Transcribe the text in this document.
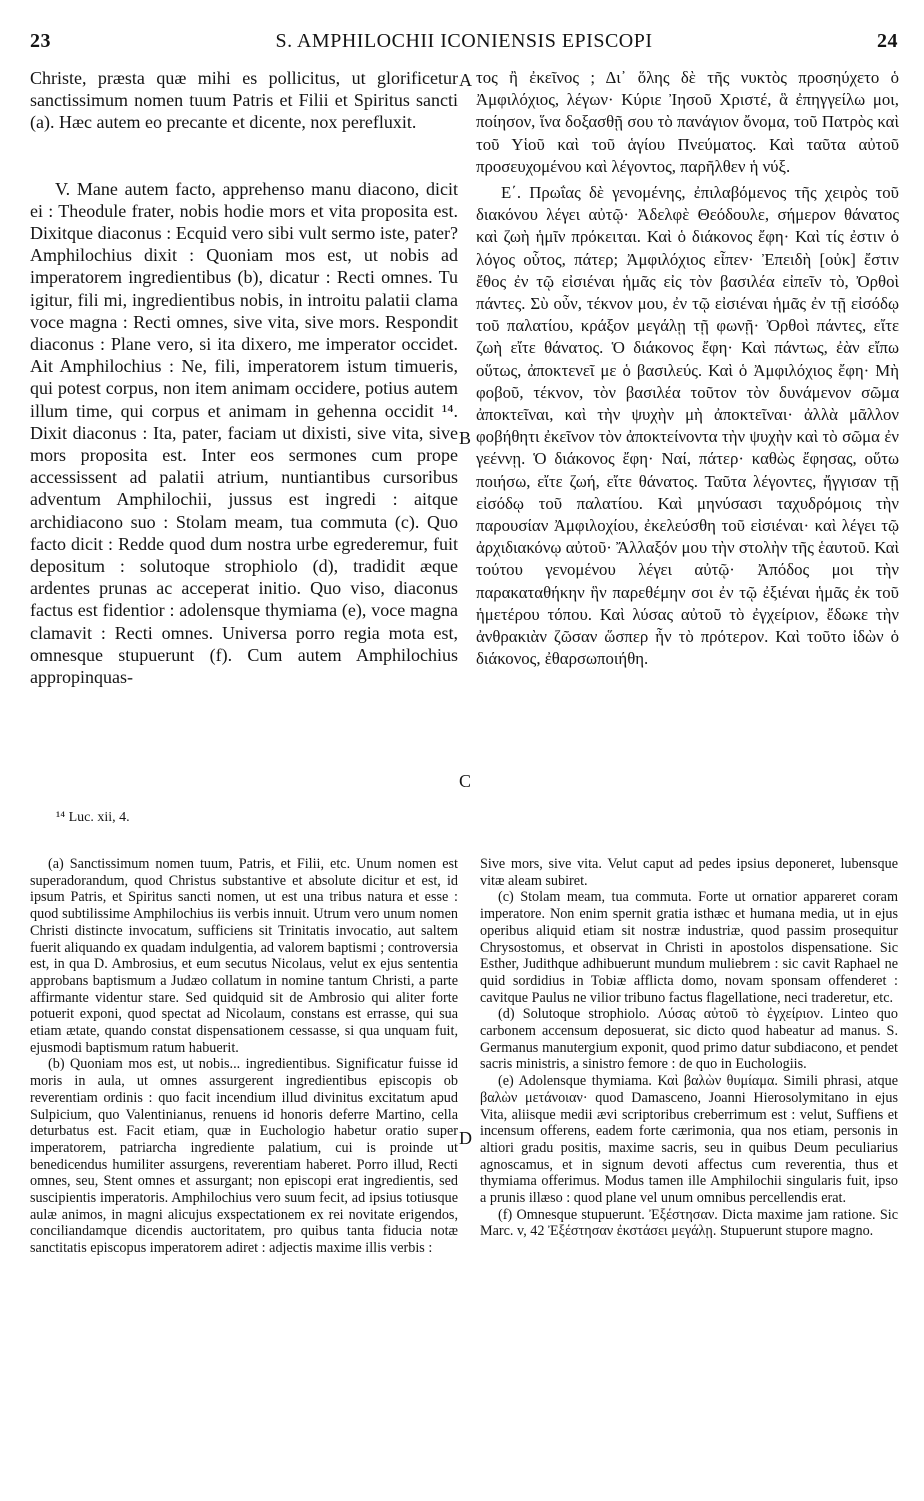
23	S. AMPHILOCHII ICONIENSIS EPISCOPI	24

Christe, præsta quæ mihi es pollicitus, ut glorificetur sanctissimum nomen tuum Patris et Filii et Spiritus sancti (a). Hæc autem eo precante et dicente, nox perefluxit.

V. Mane autem facto, apprehenso manu diacono, dicit ei : Theodule frater, nobis hodie mors et vita proposita est. Dixitque diaconus : Ecquid vero sibi vult sermo iste, pater? Amphilochius dixit : Quoniam mos est, ut nobis ad imperatorem ingredientibus (b), dicatur : Recti omnes. Tu igitur, fili mi, ingredientibus nobis, in introitu palatii clama voce magna : Recti omnes, sive vita, sive mors. Respondit diaconus : Plane vero, si ita dixero, me imperator occidet. Ait Amphilochius : Ne, fili, imperatorem istum timueris, qui potest corpus, non item animam occidere, potius autem illum time, qui corpus et animam in gehenna occidit ¹⁴. Dixit diaconus : Ita, pater, faciam ut dixisti, sive vita, sive mors proposita est. Inter eos sermones cum prope accessissent ad palatii atrium, nuntiantibus cursoribus adventum Amphilochii, jussus est ingredi : aitque archidiacono suo : Stolam meam, tua commuta (c). Quo facto dicit : Redde quod dum nostra urbe egrederemur, fuit depositum : solutoque strophiolo (d), tradidit æque ardentes prunas ac acceperat initio. Quo viso, diaconus factus est fidentior : adolensque thymiama (e), voce magna clamavit : Recti omnes. Universa porro regia mota est, omnesque stupuerunt (f). Cum autem Amphilochius appropinquas-

A
B
C
D

τος ἢ ἐκεῖνος ; Δι᾽ ὅλης δὲ τῆς νυκτὸς προσηύχετο ὁ Ἀμφιλόχιος, λέγων· Κύριε Ἰησοῦ Χριστέ, ἃ ἐπηγγείλω μοι, ποίησον, ἵνα δοξασθῇ σου τὸ πανάγιον ὄνομα, τοῦ Πατρὸς καὶ τοῦ Υἱοῦ καὶ τοῦ ἁγίου Πνεύματος. Καὶ ταῦτα αὐτοῦ προσευχομένου καὶ λέγοντος, παρῆλθεν ἡ νύξ.

Ε΄. Πρωΐας δὲ γενομένης, ἐπιλαβόμενος τῆς χειρὸς τοῦ διακόνου λέγει αὐτῷ· Ἀδελφὲ Θεόδουλε, σήμερον θάνατος καὶ ζωὴ ἡμῖν πρόκειται. Καὶ ὁ διάκονος ἔφη· Καὶ τίς ἐστιν ὁ λόγος οὗτος, πάτερ; Ἀμφιλόχιος εἶπεν· Ἐπειδὴ [οὐκ] ἔστιν ἔθος ἐν τῷ εἰσιέναι ἡμᾶς εἰς τὸν βασιλέα εἰπεῖν τὸ, Ὀρθοὶ πάντες. Σὺ οὖν, τέκνον μου, ἐν τῷ εἰσιέναι ἡμᾶς ἐν τῇ εἰσόδῳ τοῦ παλατίου, κράξον μεγάλῃ τῇ φωνῇ· Ὀρθοὶ πάντες, εἴτε ζωὴ εἴτε θάνατος. Ὁ διάκονος ἔφη· Καὶ πάντως, ἐὰν εἴπω οὕτως, ἀποκτενεῖ με ὁ βασιλεύς. Καὶ ὁ Ἀμφιλόχιος ἔφη· Μὴ φοβοῦ, τέκνον, τὸν βασιλέα τοῦτον τὸν δυνάμενον σῶμα ἀποκτεῖναι, καὶ τὴν ψυχὴν μὴ ἀποκτεῖναι· ἀλλὰ μᾶλλον φοβήθητι ἐκεῖνον τὸν ἀποκτείνοντα τὴν ψυχὴν καὶ τὸ σῶμα ἐν γεέννῃ. Ὁ διάκονος ἔφη· Ναί, πάτερ· καθὼς ἔφησας, οὕτω ποιήσω, εἴτε ζωή, εἴτε θάνατος. Ταῦτα λέγοντες, ἤγγισαν τῇ εἰσόδῳ τοῦ παλατίου. Καὶ μηνύσασι ταχυδρόμοις τὴν παρουσίαν Ἀμφιλοχίου, ἐκελεύσθη τοῦ εἰσιέναι· καὶ λέγει τῷ ἀρχιδιακόνῳ αὐτοῦ· Ἄλλαξόν μου τὴν στολὴν τῆς ἑαυτοῦ. Καὶ τούτου γενομένου λέγει αὐτῷ· Ἀπόδος μοι τὴν παρακαταθήκην ἣν παρεθέμην σοι ἐν τῷ ἐξιέναι ἡμᾶς ἐκ τοῦ ἡμετέρου τόπου. Καὶ λύσας αὐτοῦ τὸ ἐγχείριον, ἔδωκε τὴν ἀνθρακιὰν ζῶσαν ὥσπερ ἦν τὸ πρότερον. Καὶ τοῦτο ἰδὼν ὁ διάκονος, ἐθαρσωποιήθη.

¹⁴ Luc. xii, 4.

(a) Sanctissimum nomen tuum, Patris, et Filii, etc. Unum nomen est superadorandum, quod Christus substantive et absolute dicitur et est, id ipsum Patris, et Spiritus sancti nomen, ut est una tribus natura et esse : quod subtilissime Amphilochius iis verbis innuit. Utrum vero unum nomen Christi distincte invocatum, sufficiens sit Trinitatis invocatio, aut saltem fuerit aliquando ex quadam indulgentia, ad valorem baptismi ; controversia est, in qua D. Ambrosius, et eum secutus Nicolaus, velut ex ejus sententia approbans baptismum a Judæo collatum in nomine tantum Christi, a parte affirmante videntur stare. Sed quidquid sit de Ambrosio qui aliter forte potuerit exponi, quod spectat ad Nicolaum, constans est errasse, qui sua etiam ætate, quando constat dispensationem cessasse, si qua unquam fuit, ejusmodi baptismum ratum habuerit.

(b) Quoniam mos est, ut nobis... ingredientibus. Significatur fuisse id moris in aula, ut omnes assurgerent ingredientibus episcopis ob reverentiam ordinis : quo facit incendium illud divinitus excitatum apud Sulpicium, quo Valentinianus, renuens id honoris deferre Martino, cella deturbatus est. Facit etiam, quæ in Euchologio habetur oratio super imperatorem, patriarcha ingrediente palatium, cui is proinde ut benedicendus humiliter assurgens, reverentiam haberet. Porro illud, Recti omnes, seu, Stent omnes et assurgant; non episcopi erat ingredientis, sed suscipientis imperatoris. Amphilochius vero suum fecit, ad ipsius totiusque aulæ animos, in magni alicujus exspectationem ex rei novitate erigendos, conciliandamque dicendis auctoritatem, pro quibus tanta fiducia notæ sanctitatis episcopus imperatorem adiret : adjectis maxime illis verbis :

Sive mors, sive vita. Velut caput ad pedes ipsius deponeret, lubensque vitæ aleam subiret.

(c) Stolam meam, tua commuta. Forte ut ornatior appareret coram imperatore. Non enim spernit gratia isthæc et humana media, ut in ejus operibus aliquid etiam sit nostræ industriæ, quod passim prosequitur Chrysostomus, et observat in Christi in apostolos dispensatione. Sic Esther, Judithque adhibuerunt mundum muliebrem : sic cavit Raphael ne quid sordidius in Tobiæ afflicta domo, novam sponsam offenderet : cavitque Paulus ne vilior tribuno factus flagellatione, neci traderetur, etc.

(d) Solutoque strophiolo. Λύσας αὐτοῦ τὸ ἐγχείριον. Linteo quo carbonem accensum deposuerat, sic dicto quod habeatur ad manus. S. Germanus manutergium exponit, quod primo datur subdiacono, et pendet sacris ministris, a sinistro femore : de quo in Euchologiis.

(e) Adolensque thymiama. Καὶ βαλὼν θυμίαμα. Simili phrasi, atque βαλὼν μετάνοιαν· quod Damasceno, Joanni Hierosolymitano in ejus Vita, aliisque medii ævi scriptoribus creberrimum est : velut, Suffiens et incensum offerens, eadem forte cærimonia, qua nos etiam, personis in altiori gradu positis, maxime sacris, seu in quibus Deum peculiarius agnoscamus, et in signum devoti affectus cum reverentia, thus et thymiama offerimus. Modus tamen ille Amphilochii singularis fuit, ipso a prunis illæso : quod plane vel unum omnibus percellendis erat.

(f) Omnesque stupuerunt. Ἐξέστησαν. Dicta maxime jam ratione. Sic Marc. v, 42 Ἐξέστησαν ἐκστάσει μεγάλῃ. Stupuerunt stupore magno.
